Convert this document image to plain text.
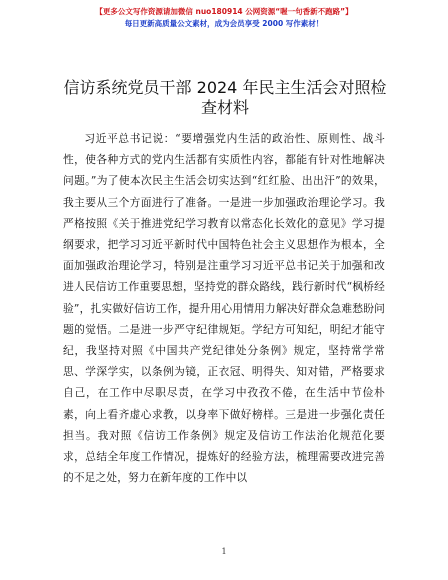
【更多公文写作资源请加微信 nuo180914 公网资源“喔一句香新不跑路”】
每日更新高质量公文素材，成为会员享受 2000 写作素材！
信访系统党员干部 2024 年民主生活会对照检查材料

习近平总书记说：“要增强党内生活的政治性、原则性、战斗性，使各种方式的党内生活都有实质性内容，都能有针对性地解决问题。”为了使本次民主生活会切实达到“红红脸、出出汗”的效果，我主要从三个方面进行了准备。一是进一步加强政治理论学习。我严格按照《关于推进党纪学习教育以常态化长效化的意见》学习提纲要求，把学习习近平新时代中国特色社会主义思想作为根本，全面加强政治理论学习，特别是注重学习习近平总书记关于加强和改进人民信访工作重要思想，坚持党的群众路线，践行新时代“枫桥经验”，扎实做好信访工作，提升用心用情用力解决好群众急难愁盼问题的觉悟。二是进一步严守纪律规矩。学纪方可知纪，明纪才能守纪，我坚持对照《中国共产党纪律处分条例》规定，坚持常学常思、学深学实，以条例为镜，正衣冠、明得失、知对错，严格要求自己，在工作中尽职尽责，在学习中孜孜不倦，在生活中节俭朴素，向上看齐虚心求教，以身率下做好榜样。三是进一步强化责任担当。我对照《信访工作条例》规定及信访工作法治化规范化要求，总结全年度工作情况，提炼好的经验方法，梳理需要改进完善的不足之处，努力在新年度的工作中以

1
